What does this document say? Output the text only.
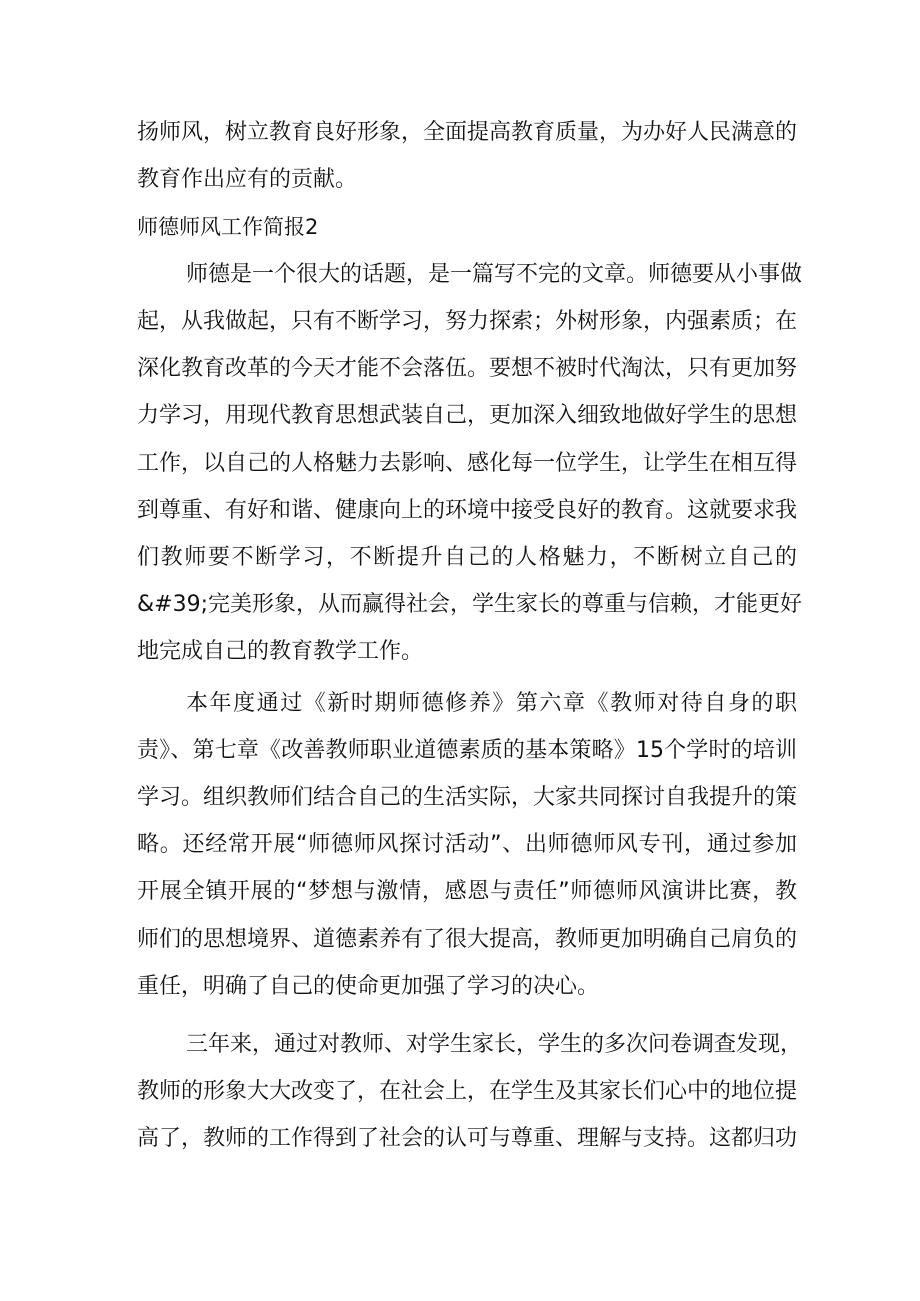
扬师风，树立教育良好形象，全面提高教育质量，为办好人民满意的
教育作出应有的贡献。
师德师风工作简报2
师德是一个很大的话题，是一篇写不完的文章。师德要从小事做
起，从我做起，只有不断学习，努力探索；外树形象，内强素质；在
深化教育改革的今天才能不会落伍。要想不被时代淘汰，只有更加努
力学习，用现代教育思想武装自己，更加深入细致地做好学生的思想
工作，以自己的人格魅力去影响、感化每一位学生，让学生在相互得
到尊重、有好和谐、健康向上的环境中接受良好的教育。这就要求我
们教师要不断学习，不断提升自己的人格魅力，不断树立自己的
&#39;完美形象，从而赢得社会，学生家长的尊重与信赖，才能更好
地完成自己的教育教学工作。
本年度通过《新时期师德修养》第六章《教师对待自身的职
责》、第七章《改善教师职业道德素质的基本策略》15个学时的培训
学习。组织教师们结合自己的生活实际，大家共同探讨自我提升的策
略。还经常开展“师德师风探讨活动”、出师德师风专刊，通过参加
开展全镇开展的“梦想与激情，感恩与责任”师德师风演讲比赛，教
师们的思想境界、道德素养有了很大提高，教师更加明确自己肩负的
重任，明确了自己的使命更加强了学习的决心。
三年来，通过对教师、对学生家长，学生的多次问卷调查发现，
教师的形象大大改变了，在社会上，在学生及其家长们心中的地位提
高了，教师的工作得到了社会的认可与尊重、理解与支持。这都归功
